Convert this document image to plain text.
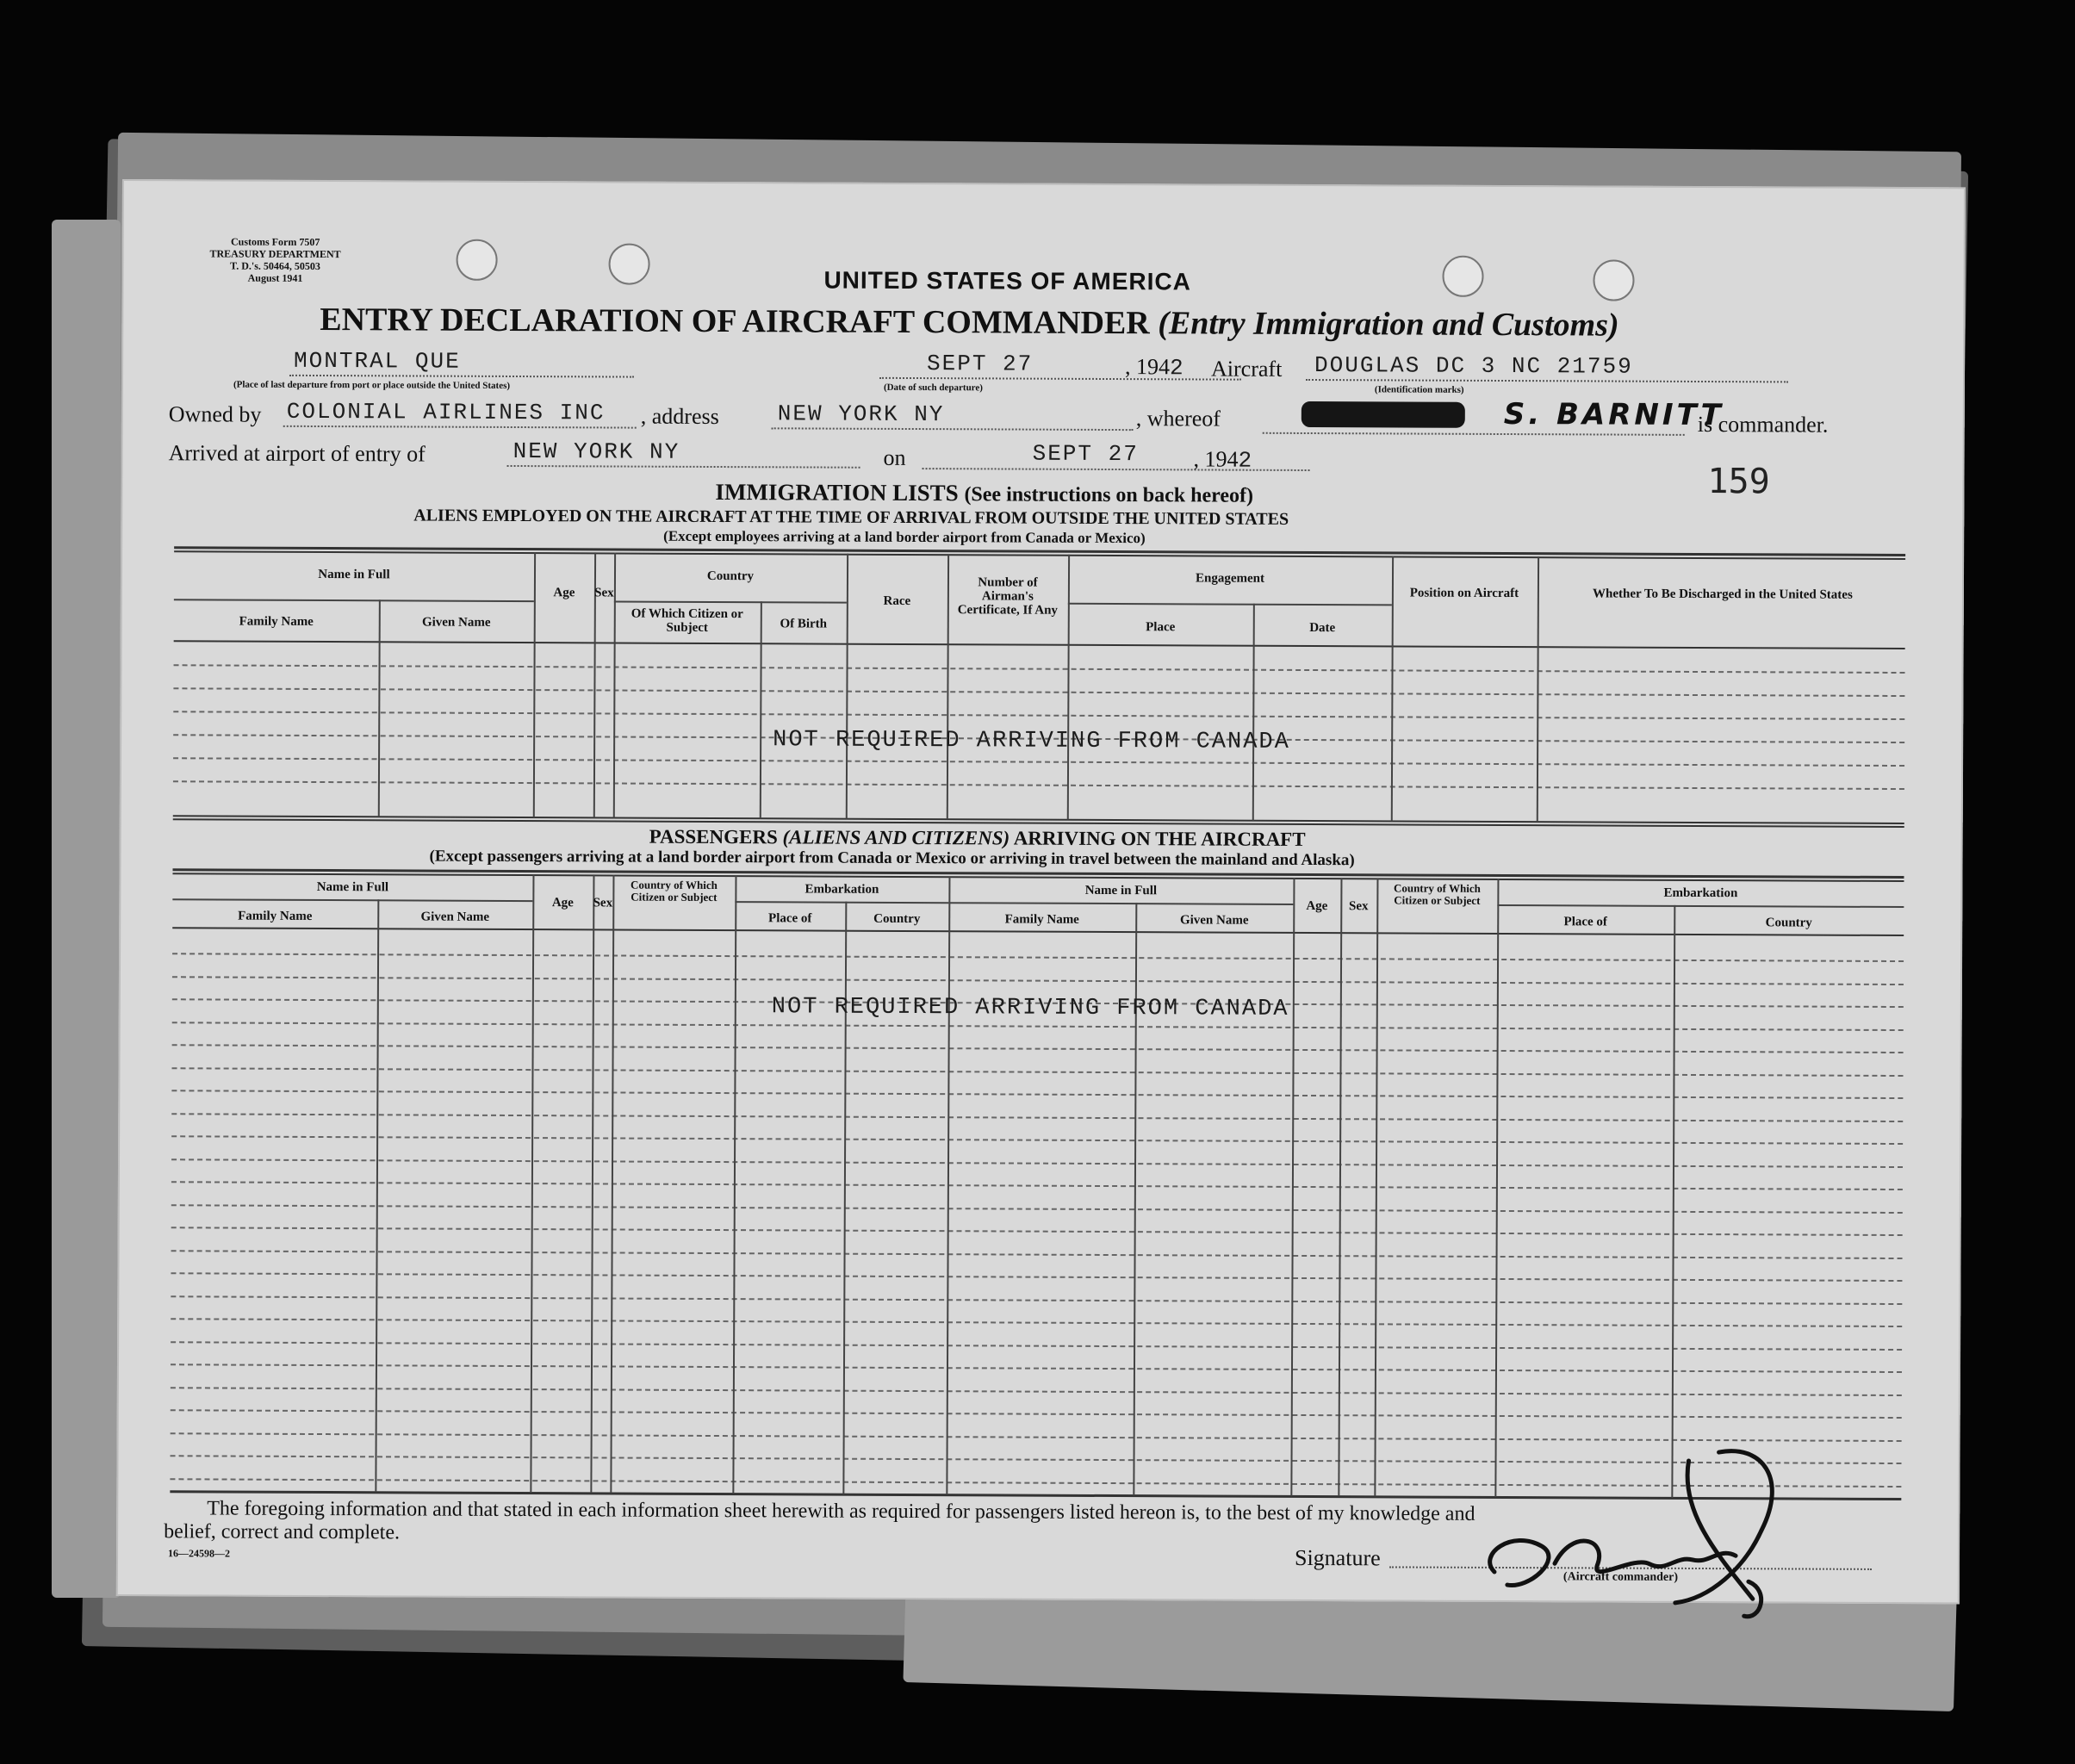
Customs Form 7507
TREASURY DEPARTMENT
T. D.'s. 50464, 50503
August 1941	UNITED STATES OF AMERICA
ENTRY DECLARATION OF AIRCRAFT COMMANDER (Entry Immigration and Customs)
MONTRAL QUE
(Place of last departure from port or place outside the United States)
SEPT 27
(Date of such departure)
, 1942 Aircraft DOUGLAS DC 3 NC 21759
(Identification marks)
Owned by COLONIAL AIRLINES INC , address	NEW YORK NY	, whereof	S. BARNITT
is commander.
Arrived at airport of entry of	NEW YORK NY	on	SEPT 27 , 1942
159
IMMIGRATION LISTS (See instructions on back hereof)
ALIENS EMPLOYED ON THE AIRCRAFT AT THE TIME OF ARRIVAL FROM OUTSIDE THE UNITED STATES
(Except employees arriving at a land border airport from Canada or Mexico)
Name in Full
Family Name	Given Name
Age	Sex
Country
Of Which Citizen or Subject	Of Birth
Race
Number of Airman's Certificate, If Any
Engagement
Place	Date
Position on Aircraft	Whether To Be Discharged in the United States
NOT REQUIRED ARRIVING FROM CANADA
PASSENGERS (ALIENS AND CITIZENS) ARRIVING ON THE AIRCRAFT
(Except passengers arriving at a land border airport from Canada or Mexico or arriving in travel between the mainland and Alaska)
Name in Full
Family Name	Given Name
Age	Sex
Country of Which Citizen or Subject
Embarkation
Place of	Country
Name in Full
Family Name	Given Name
Age	Sex
Country of Which Citizen or Subject	Embarkation
Place of	Country
NOT REQUIRED ARRIVING FROM CANADA
The foregoing information and that stated in each information sheet herewith as required for passengers listed hereon is, to the best of my knowledge and
belief, correct and complete.
16—24598—2	Signature
(Aircraft commander)
